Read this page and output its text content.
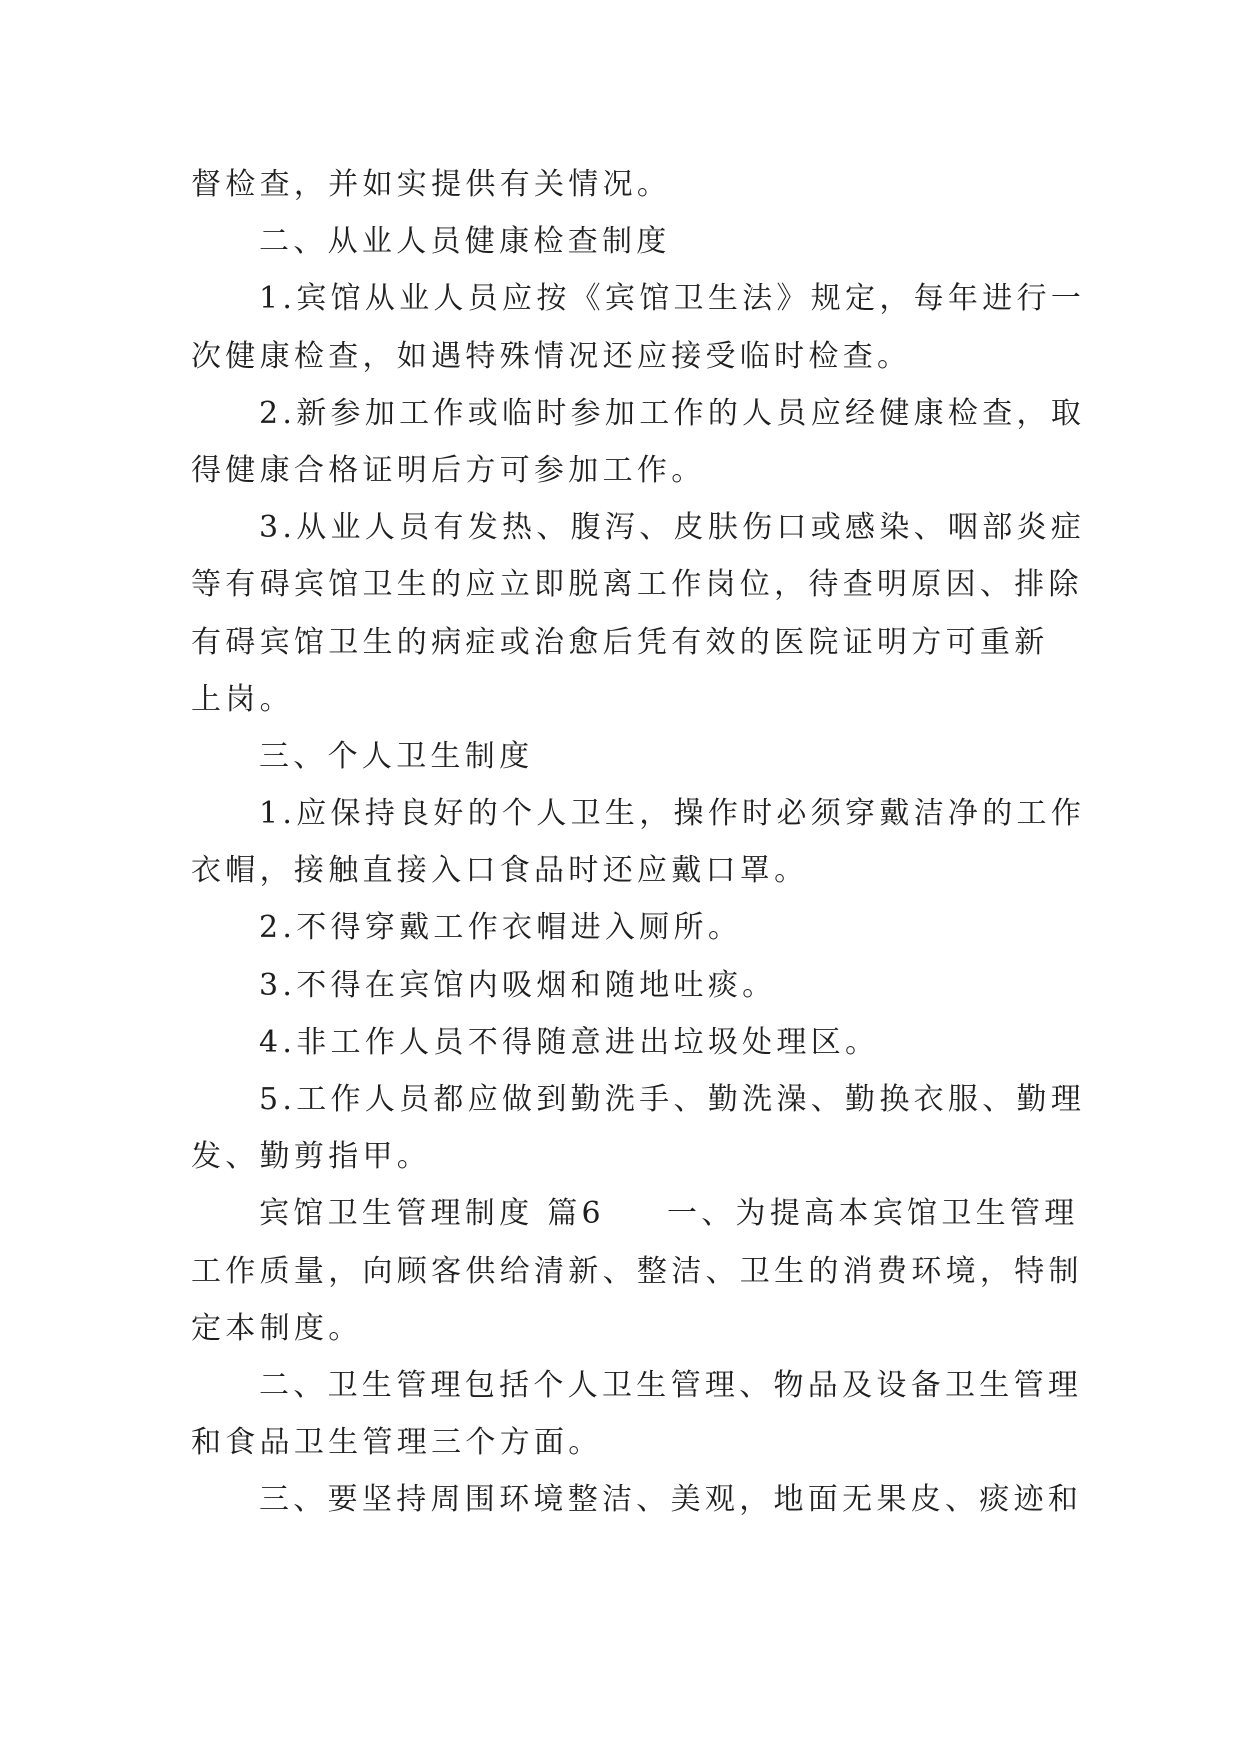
督检查，并如实提供有关情况。
二、从业人员健康检查制度
1.宾馆从业人员应按《宾馆卫生法》规定，每年进行一
次健康检查，如遇特殊情况还应接受临时检查。
2.新参加工作或临时参加工作的人员应经健康检查，取
得健康合格证明后方可参加工作。
3.从业人员有发热、腹泻、皮肤伤口或感染、咽部炎症
等有碍宾馆卫生的应立即脱离工作岗位，待查明原因、排除
有碍宾馆卫生的病症或治愈后凭有效的医院证明方可重新
上岗。
三、个人卫生制度
1.应保持良好的个人卫生，操作时必须穿戴洁净的工作
衣帽，接触直接入口食品时还应戴口罩。
2.不得穿戴工作衣帽进入厕所。
3.不得在宾馆内吸烟和随地吐痰。
4.非工作人员不得随意进出垃圾处理区。
5.工作人员都应做到勤洗手、勤洗澡、勤换衣服、勤理
发、勤剪指甲。
宾馆卫生管理制度 篇6 一、为提高本宾馆卫生管理
工作质量，向顾客供给清新、整洁、卫生的消费环境，特制
定本制度。
二、卫生管理包括个人卫生管理、物品及设备卫生管理
和食品卫生管理三个方面。
三、要坚持周围环境整洁、美观，地面无果皮、痰迹和
